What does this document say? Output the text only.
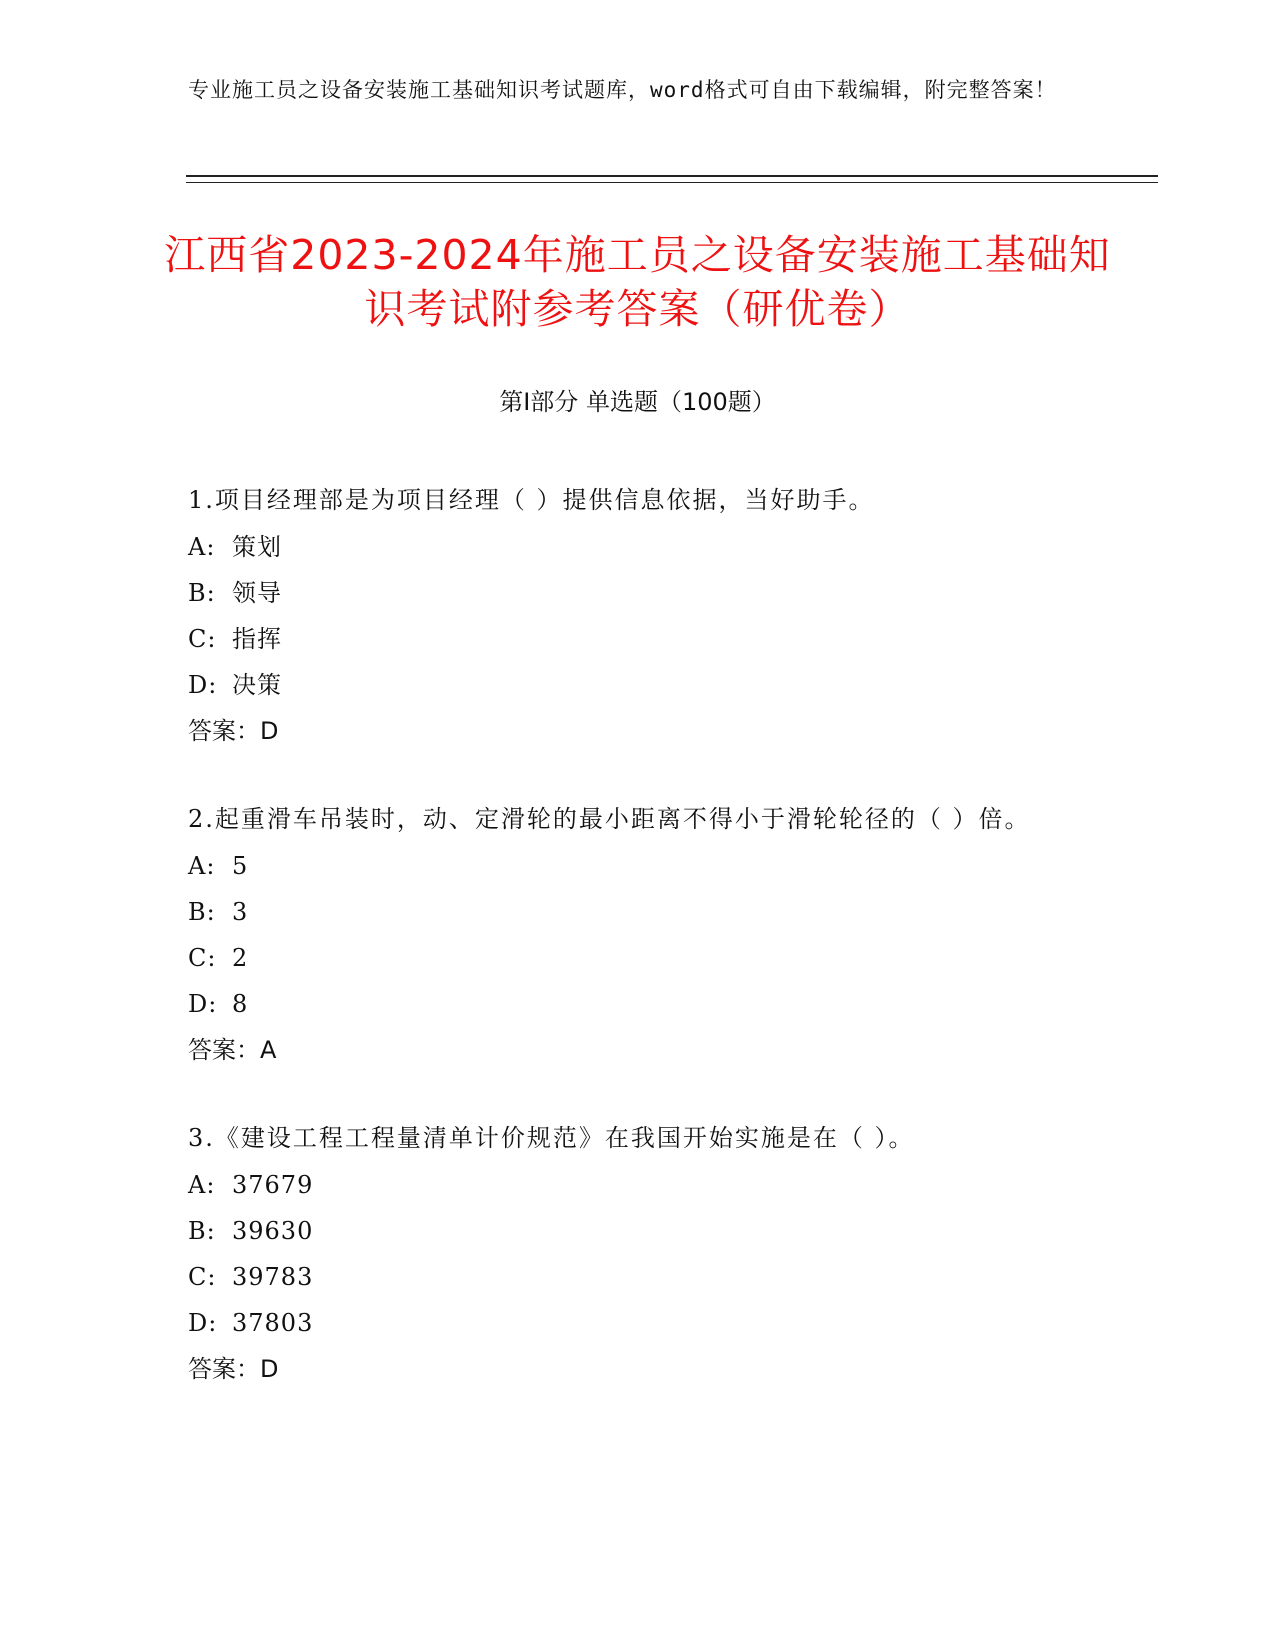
专业施工员之设备安装施工基础知识考试题库，word格式可自由下载编辑，附完整答案！
江西省2023-2024年施工员之设备安装施工基础知识考试附参考答案（研优卷）
第I部分 单选题（100题）

1.项目经理部是为项目经理（ ）提供信息依据，当好助手。

A: 策划

B: 领导

C: 指挥

D: 决策

答案：D

2.起重滑车吊装时，动、定滑轮的最小距离不得小于滑轮轮径的（ ）倍。

A: 5

B: 3

C: 2

D: 8

答案：A

3.《建设工程工程量清单计价规范》在我国开始实施是在（ ）。

A: 37679

B: 39630

C: 39783

D: 37803

答案：D
